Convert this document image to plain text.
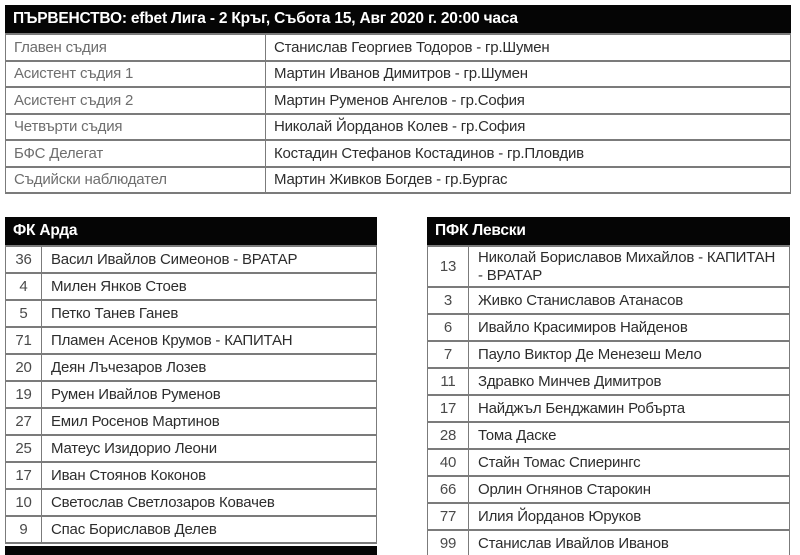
ПЪРВЕНСТВО: efbet Лига - 2 Кръг, Събота 15, Авг 2020 г. 20:00 часа
Главен съдия	Станислав Георгиев Тодоров - гр.Шумен
Асистент съдия 1	Мартин Иванов Димитров - гр.Шумен
Асистент съдия 2	Мартин Руменов Ангелов - гр.София
Четвърти съдия	Николай Йорданов Колев - гр.София
БФС Делегат	Костадин Стефанов Костадинов - гр.Пловдив
Съдийски наблюдател	Мартин Живков Богдев - гр.Бургас
ФК Арда
36	Васил Ивайлов Симеонов - ВРАТАР
4	Милен Янков Стоев
5	Петко Танев Ганев
71	Пламен Асенов Крумов - КАПИТАН
20	Деян Лъчезаров Лозев
19	Румен Ивайлов Руменов
27	Емил Росенов Мартинов
25	Матеус Изидорио Леони
17	Иван Стоянов Коконов
10	Светослав Светлозаров Ковачев
9	Спас Бориславов Делев
ПФК Левски
13	Николай Бориславов Михайлов - КАПИТАН - ВРАТАР
3	Живко Станиславов Атанасов
6	Ивайло Красимиров Найденов
7	Пауло Виктор Де Менезеш Мело
11	Здравко Минчев Димитров
17	Найджъл Бенджамин Робърта
28	Тома Даске
40	Стайн Томас Спиерингс
66	Орлин Огнянов Старокин
77	Илия Йорданов Юруков
99	Станислав Ивайлов Иванов
